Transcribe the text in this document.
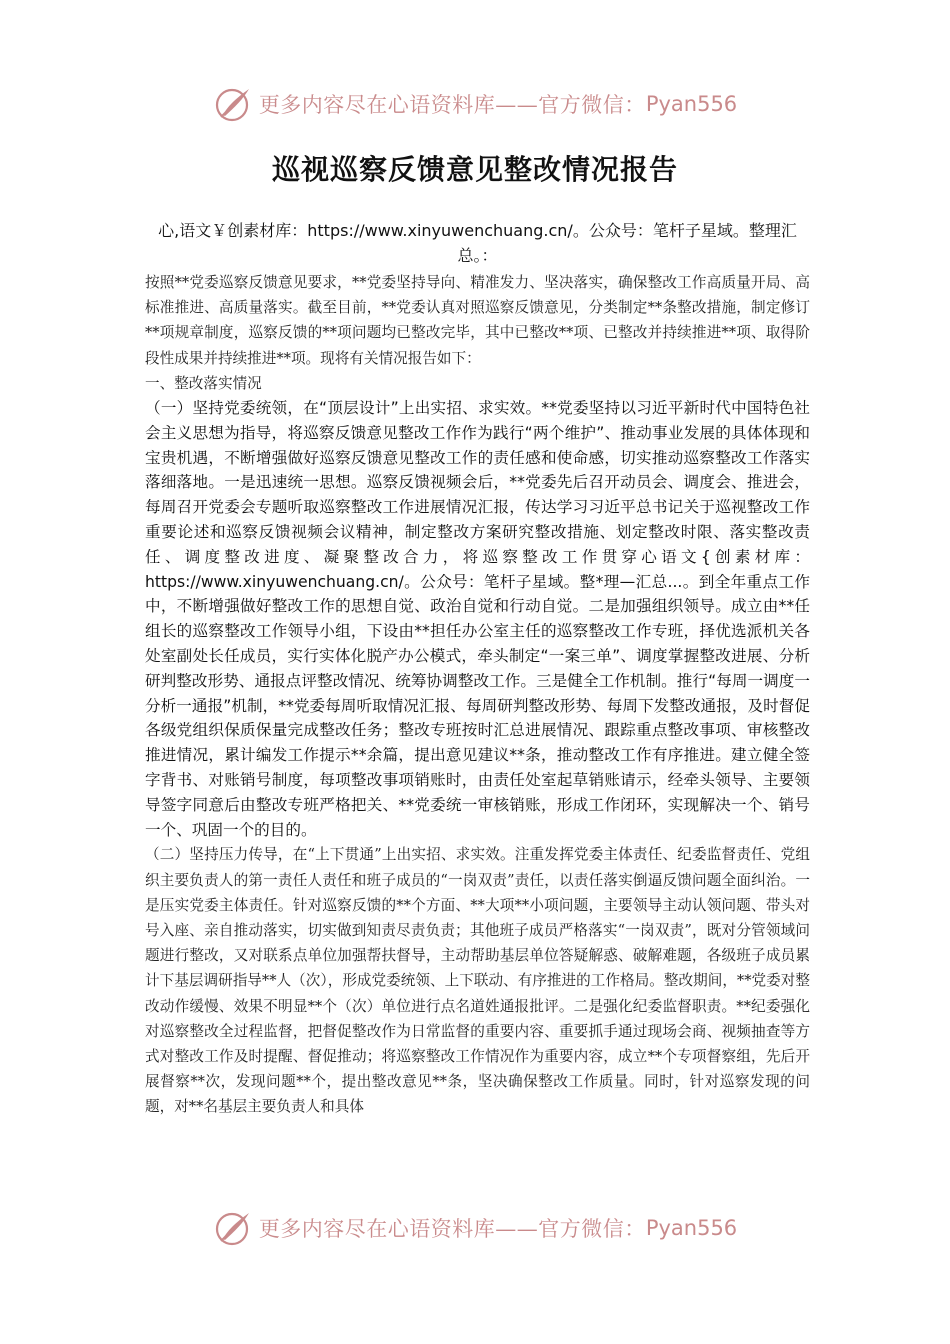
更多内容尽在心语资料库——官方微信： Pyan556
巡视巡察反馈意见整改情况报告
心,语文￥创素材库：https://www.xinyuwenchuang.cn/。公众号：笔杆子星域。整理汇总。：

按照**党委巡察反馈意见要求，**党委坚持导向、精准发力、坚决落实，确保整改工作高质量开局、高标准推进、高质量落实。截至目前，**党委认真对照巡察反馈意见，分类制定**条整改措施，制定修订**项规章制度，巡察反馈的**项问题均已整改完毕，其中已整改**项、已整改并持续推进**项、取得阶段性成果并持续推进**项。现将有关情况报告如下：

一、整改落实情况

（一）坚持党委统领，在“顶层设计”上出实招、求实效。**党委坚持以习近平新时代中国特色社会主义思想为指导，将巡察反馈意见整改工作作为践行“两个维护”、推动事业发展的具体体现和宝贵机遇，不断增强做好巡察反馈意见整改工作的责任感和使命感，切实推动巡察整改工作落实落细落地。一是迅速统一思想。巡察反馈视频会后，**党委先后召开动员会、调度会、推进会，每周召开党委会专题听取巡察整改工作进展情况汇报，传达学习习近平总书记关于巡视整改工作重要论述和巡察反馈视频会议精神，制定整改方案研究整改措施、划定整改时限、落实整改责任、调度整改进度、凝聚整改合力，将巡察整改工作贯穿心语文{创素材库：https://www.xinyuwenchuang.cn/。公众号：笔杆子星域。整*理—汇总...。到全年重点工作中，不断增强做好整改工作的思想自觉、政治自觉和行动自觉。二是加强组织领导。成立由**任组长的巡察整改工作领导小组，下设由**担任办公室主任的巡察整改工作专班，择优选派机关各处室副处长任成员，实行实体化脱产办公模式，牵头制定“一案三单”、调度掌握整改进展、分析研判整改形势、通报点评整改情况、统筹协调整改工作。三是健全工作机制。推行“每周一调度一分析一通报”机制，**党委每周听取情况汇报、每周研判整改形势、每周下发整改通报，及时督促各级党组织保质保量完成整改任务；整改专班按时汇总进展情况、跟踪重点整改事项、审核整改推进情况，累计编发工作提示**余篇，提出意见建议**条，推动整改工作有序推进。建立健全签字背书、对账销号制度，每项整改事项销账时，由责任处室起草销账请示，经牵头领导、主要领导签字同意后由整改专班严格把关、**党委统一审核销账，形成工作闭环，实现解决一个、销号一个、巩固一个的目的。

（二）坚持压力传导，在“上下贯通”上出实招、求实效。注重发挥党委主体责任、纪委监督责任、党组织主要负责人的第一责任人责任和班子成员的“一岗双责”责任，以责任落实倒逼反馈问题全面纠治。一是压实党委主体责任。针对巡察反馈的**个方面、**大项**小项问题，主要领导主动认领问题、带头对号入座、亲自推动落实，切实做到知责尽责负责；其他班子成员严格落实“一岗双责”，既对分管领域问题进行整改，又对联系点单位加强帮扶督导，主动帮助基层单位答疑解惑、破解难题，各级班子成员累计下基层调研指导**人（次），形成党委统领、上下联动、有序推进的工作格局。整改期间，**党委对整改动作缓慢、效果不明显**个（次）单位进行点名道姓通报批评。二是强化纪委监督职责。**纪委强化对巡察整改全过程监督，把督促整改作为日常监督的重要内容、重要抓手通过现场会商、视频抽查等方式对整改工作及时提醒、督促推动；将巡察整改工作情况作为重要内容，成立**个专项督察组，先后开展督察**次，发现问题**个，提出整改意见**条，坚决确保整改工作质量。同时，针对巡察发现的问题，对**名基层主要负责人和具体

更多内容尽在心语资料库——官方微信： Pyan556
